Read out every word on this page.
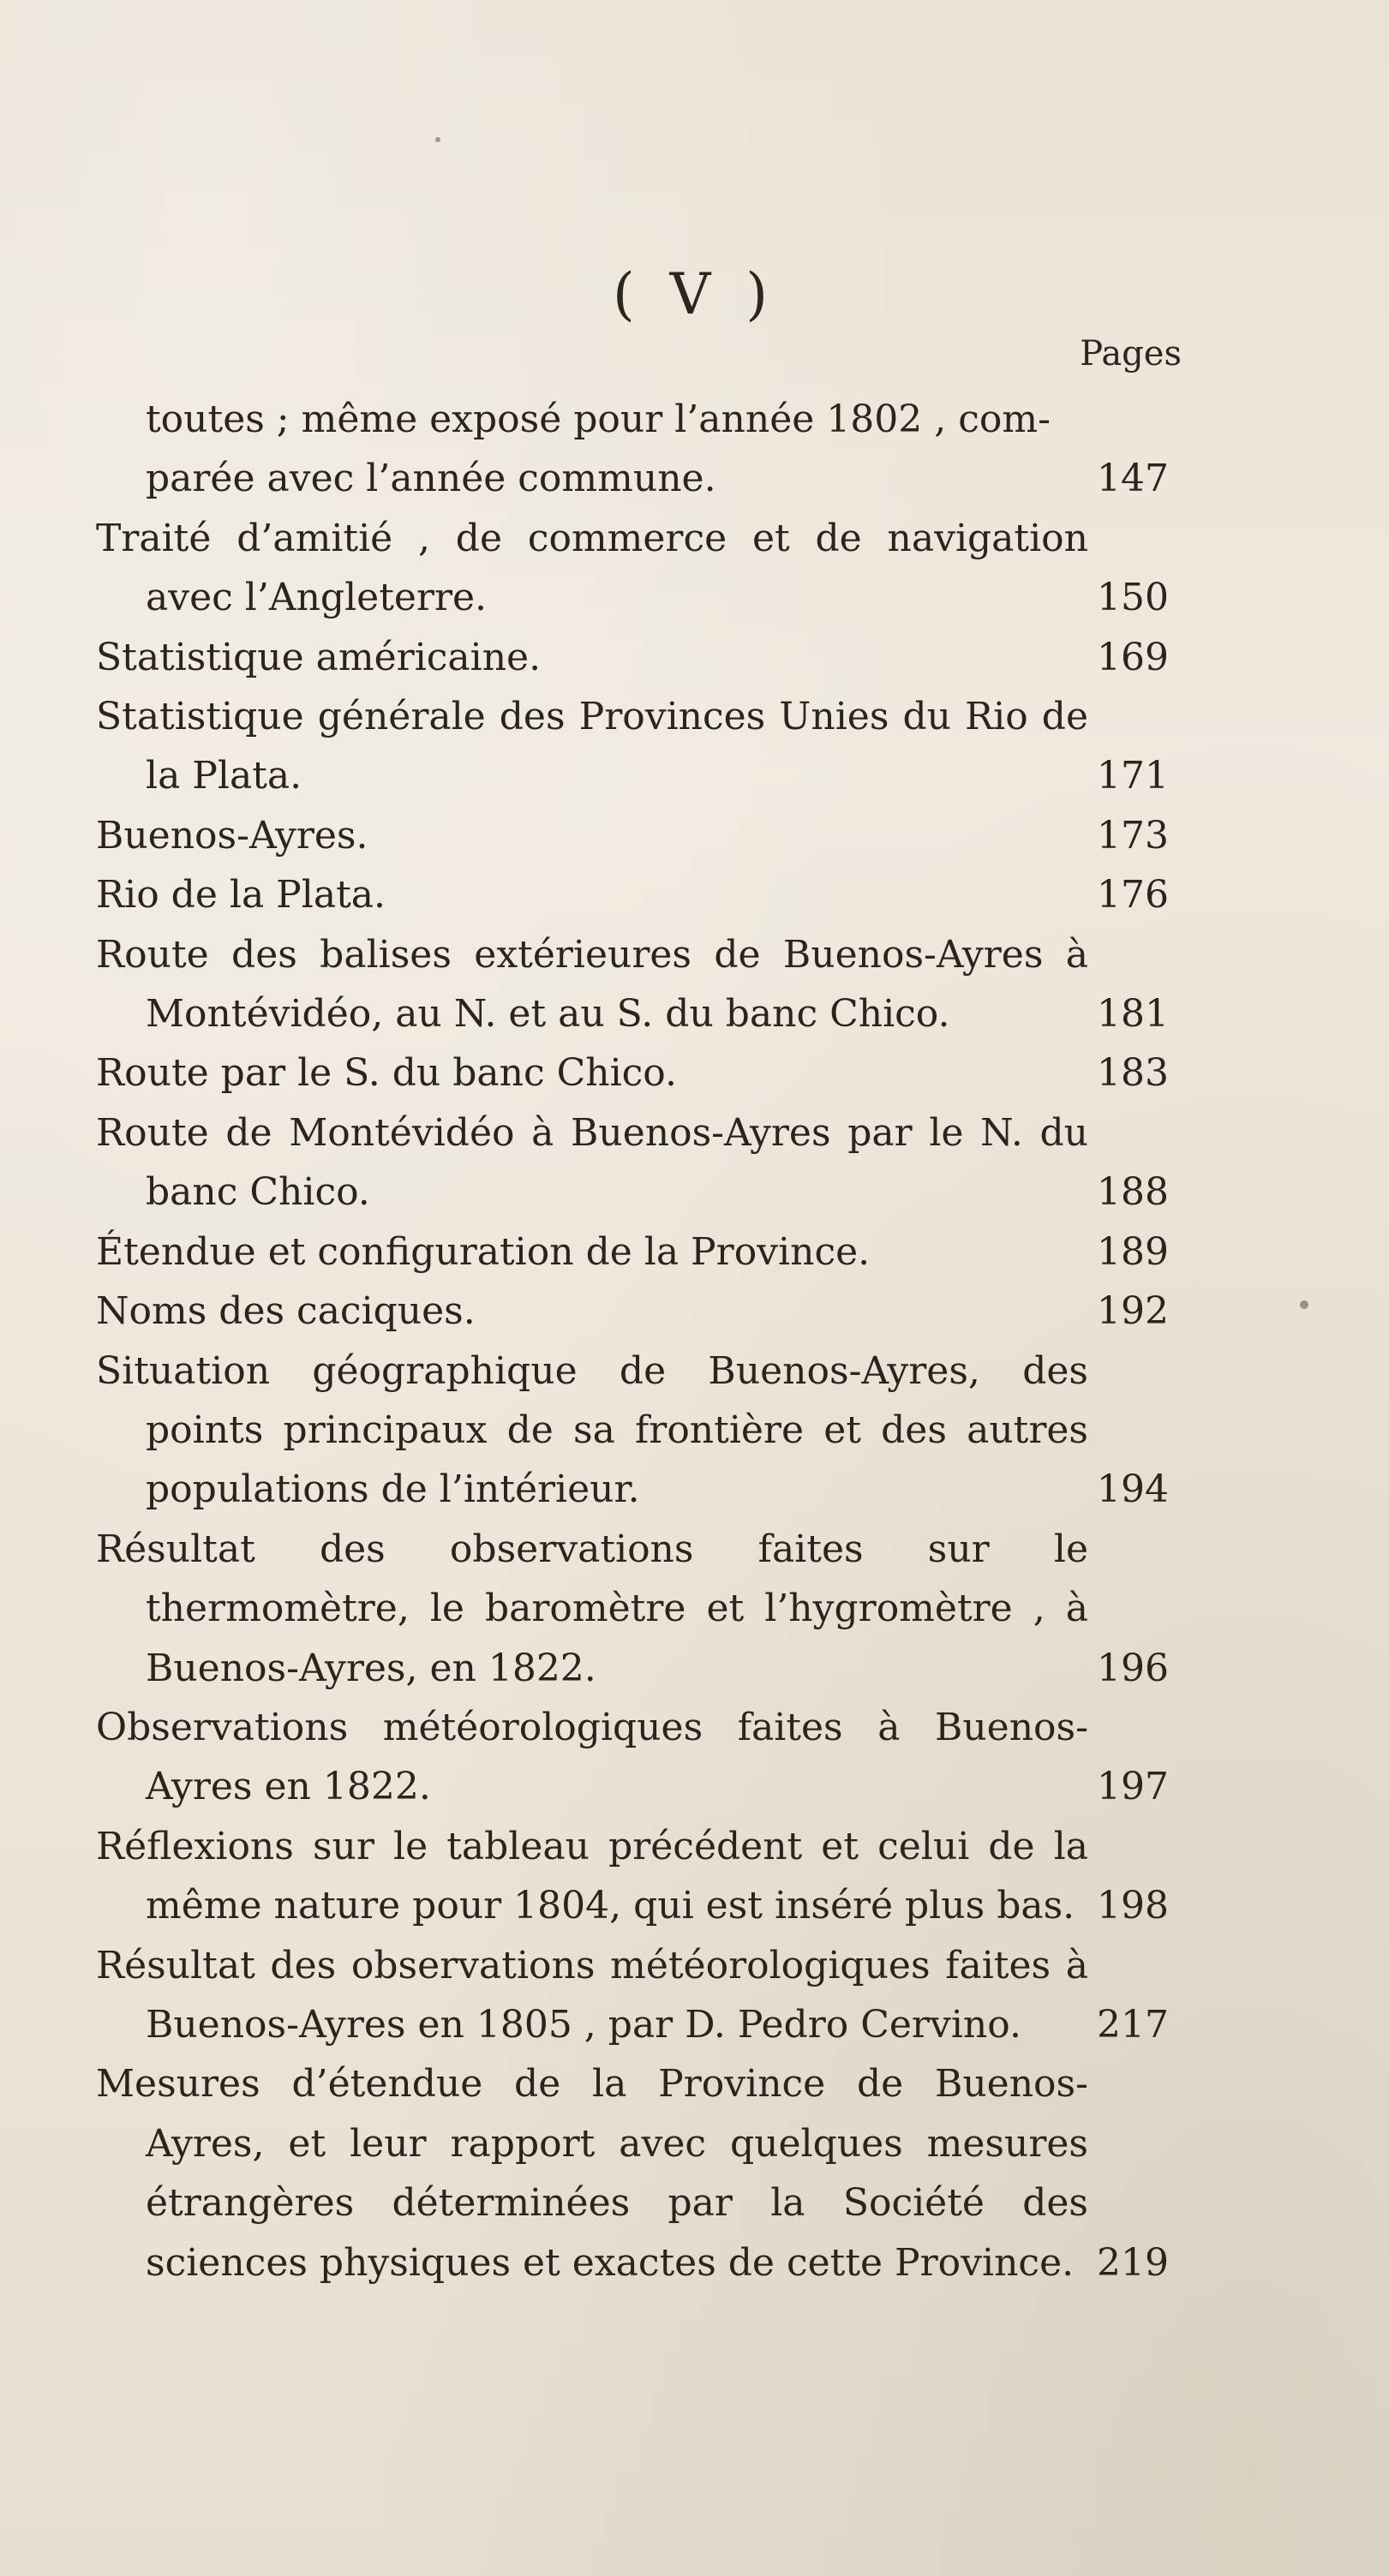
( V )
Pages
toutes ; même exposé pour l’année 1802 , com-
parée avec l’année commune.	147
Traité d’amitié , de commerce et de navigation avec l’Angleterre.	150
Statistique américaine.	169
Statistique générale des Provinces Unies du Rio de la Plata.	171
Buenos-Ayres.	173
Rio de la Plata.	176
Route des balises extérieures de Buenos-Ayres à Montévidéo, au N. et au S. du banc Chico.	181
Route par le S. du banc Chico.	183
Route de Montévidéo à Buenos-Ayres par le N. du banc Chico.	188
Étendue et configuration de la Province.	189
Noms des caciques.	192
Situation géographique de Buenos-Ayres, des points principaux de sa frontière et des autres populations de l’intérieur.	194
Résultat des observations faites sur le thermomètre, le baromètre et l’hygromètre , à Buenos-Ayres, en 1822.	196
Observations météorologiques faites à Buenos-Ayres en 1822.	197
Réflexions sur le tableau précédent et celui de la même nature pour 1804, qui est inséré plus bas. 198
Résultat des observations météorologiques faites à Buenos-Ayres en 1805 , par D. Pedro Cervino. 217
Mesures d’étendue de la Province de Buenos-Ayres, et leur rapport avec quelques mesures étrangères déterminées par la Société des sciences physiques et exactes de cette Province. 219
